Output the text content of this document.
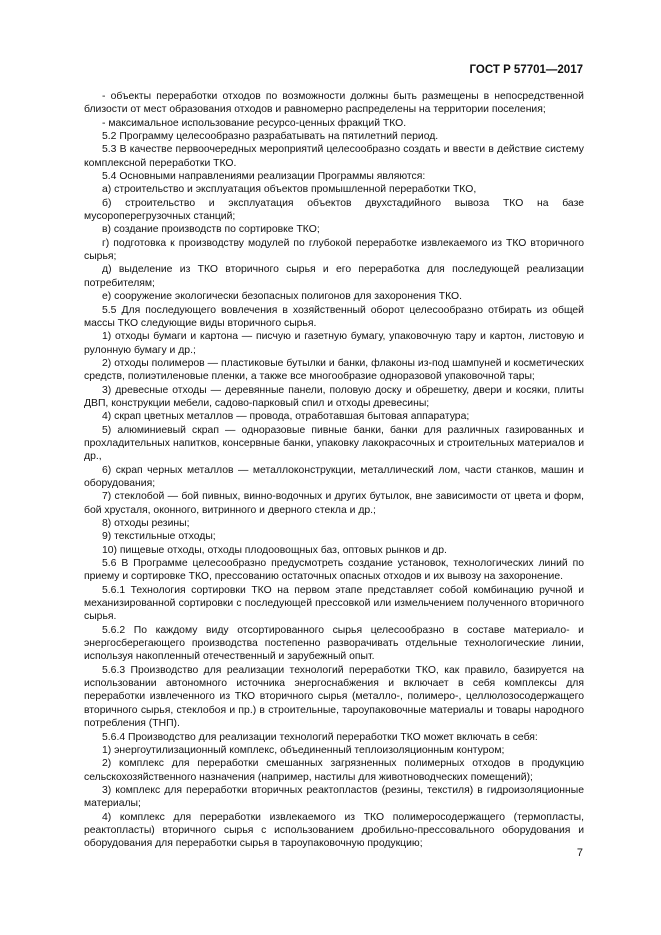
ГОСТ Р 57701—2017

- объекты переработки отходов по возможности должны быть размещены в непосредственной близости от мест образования отходов и равномерно распределены на территории поселения;

- максимальное использование ресурсо-ценных фракций ТКО.

5.2 Программу целесообразно разрабатывать на пятилетний период.

5.3 В качестве первоочередных мероприятий целесообразно создать и ввести в действие систему комплексной переработки ТКО.

5.4 Основными направлениями реализации Программы являются:

а) строительство и эксплуатация объектов промышленной переработки ТКО,

б) строительство и эксплуатация объектов двухстадийного вывоза ТКО на базе мусороперегрузочных станций;

в) создание производств по сортировке ТКО;

г) подготовка к производству модулей по глубокой переработке извлекаемого из ТКО вторичного сырья;

д) выделение из ТКО вторичного сырья и его переработка для последующей реализации потребителям;

е) сооружение экологически безопасных полигонов для захоронения ТКО.

5.5 Для последующего вовлечения в хозяйственный оборот целесообразно отбирать из общей массы ТКО следующие виды вторичного сырья.

1) отходы бумаги и картона — писчую и газетную бумагу, упаковочную тару и картон, листовую и рулонную бумагу и др.;

2) отходы полимеров — пластиковые бутылки и банки, флаконы из-под шампуней и косметических средств, полиэтиленовые пленки, а также все многообразие одноразовой упаковочной тары;

3) древесные отходы — деревянные панели, половую доску и обрешетку, двери и косяки, плиты ДВП, конструкции мебели, садово-парковый спил и отходы древесины;

4) скрап цветных металлов — провода, отработавшая бытовая аппаратура;

5) алюминиевый скрап — одноразовые пивные банки, банки для различных газированных и прохладительных напитков, консервные банки, упаковку лакокрасочных и строительных материалов и др.,

6) скрап черных металлов — металлоконструкции, металлический лом, части станков, машин и оборудования;

7) стеклобой — бой пивных, винно-водочных и других бутылок, вне зависимости от цвета и форм, бой хрусталя, оконного, витринного и дверного стекла и др.;

8) отходы резины;

9) текстильные отходы;

10) пищевые отходы, отходы плодоовощных баз, оптовых рынков и др.

5.6 В Программе целесообразно предусмотреть создание установок, технологических линий по приему и сортировке ТКО, прессованию остаточных опасных отходов и их вывозу на захоронение.

5.6.1 Технология сортировки ТКО на первом этапе представляет собой комбинацию ручной и механизированной сортировки с последующей прессовкой или измельчением полученного вторичного сырья.

5.6.2 По каждому виду отсортированного сырья целесообразно в составе материало- и энергосберегающего производства постепенно разворачивать отдельные технологические линии, используя накопленный отечественный и зарубежный опыт.

5.6.3 Производство для реализации технологий переработки ТКО, как правило, базируется на использовании автономного источника энергоснабжения и включает в себя комплексы для переработки извлеченного из ТКО вторичного сырья (металло-, полимеро-, целлюлозосодержащего вторичного сырья, стеклобоя и пр.) в строительные, тароупаковочные материалы и товары народного потребления (ТНП).

5.6.4 Производство для реализации технологий переработки ТКО может включать в себя:

1) энергоутилизационный комплекс, объединенный теплоизоляционным контуром;

2) комплекс для переработки смешанных загрязненных полимерных отходов в продукцию сельскохозяйственного назначения (например, настилы для животноводческих помещений);

3) комплекс для переработки вторичных реактопластов (резины, текстиля) в гидроизоляционные материалы;

4) комплекс для переработки извлекаемого из ТКО полимеросодержащего (термопласты, реактопласты) вторичного сырья с использованием дробильно-прессовального оборудования и оборудования для переработки сырья в тароупаковочную продукцию;

7
